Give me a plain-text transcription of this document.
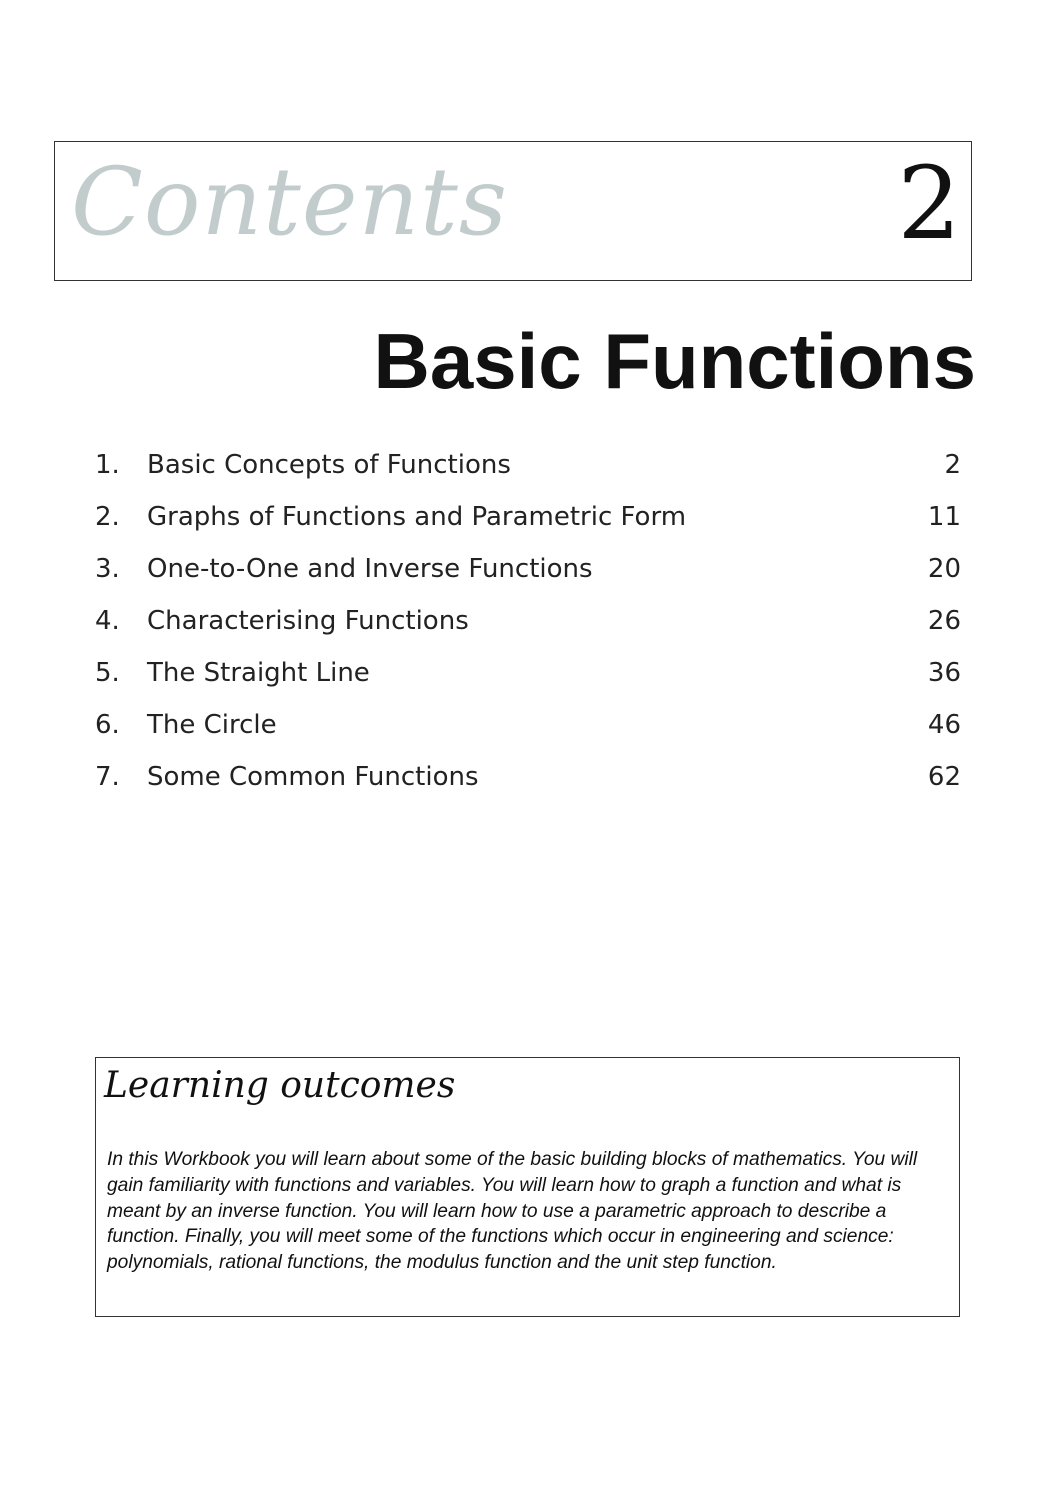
Contents	2
Basic Functions
1. Basic Concepts of Functions	2
2. Graphs of Functions and Parametric Form	11
3. One-to-One and Inverse Functions	20
4. Characterising Functions	26
5. The Straight Line	36
6. The Circle	46
7. Some Common Functions	62
Learning outcomes

In this Workbook you will learn about some of the basic building blocks of mathematics. You will gain familiarity with functions and variables. You will learn how to graph a function and what is meant by an inverse function. You will learn how to use a parametric approach to describe a function. Finally, you will meet some of the functions which occur in engineering and science: polynomials, rational functions, the modulus function and the unit step function.
